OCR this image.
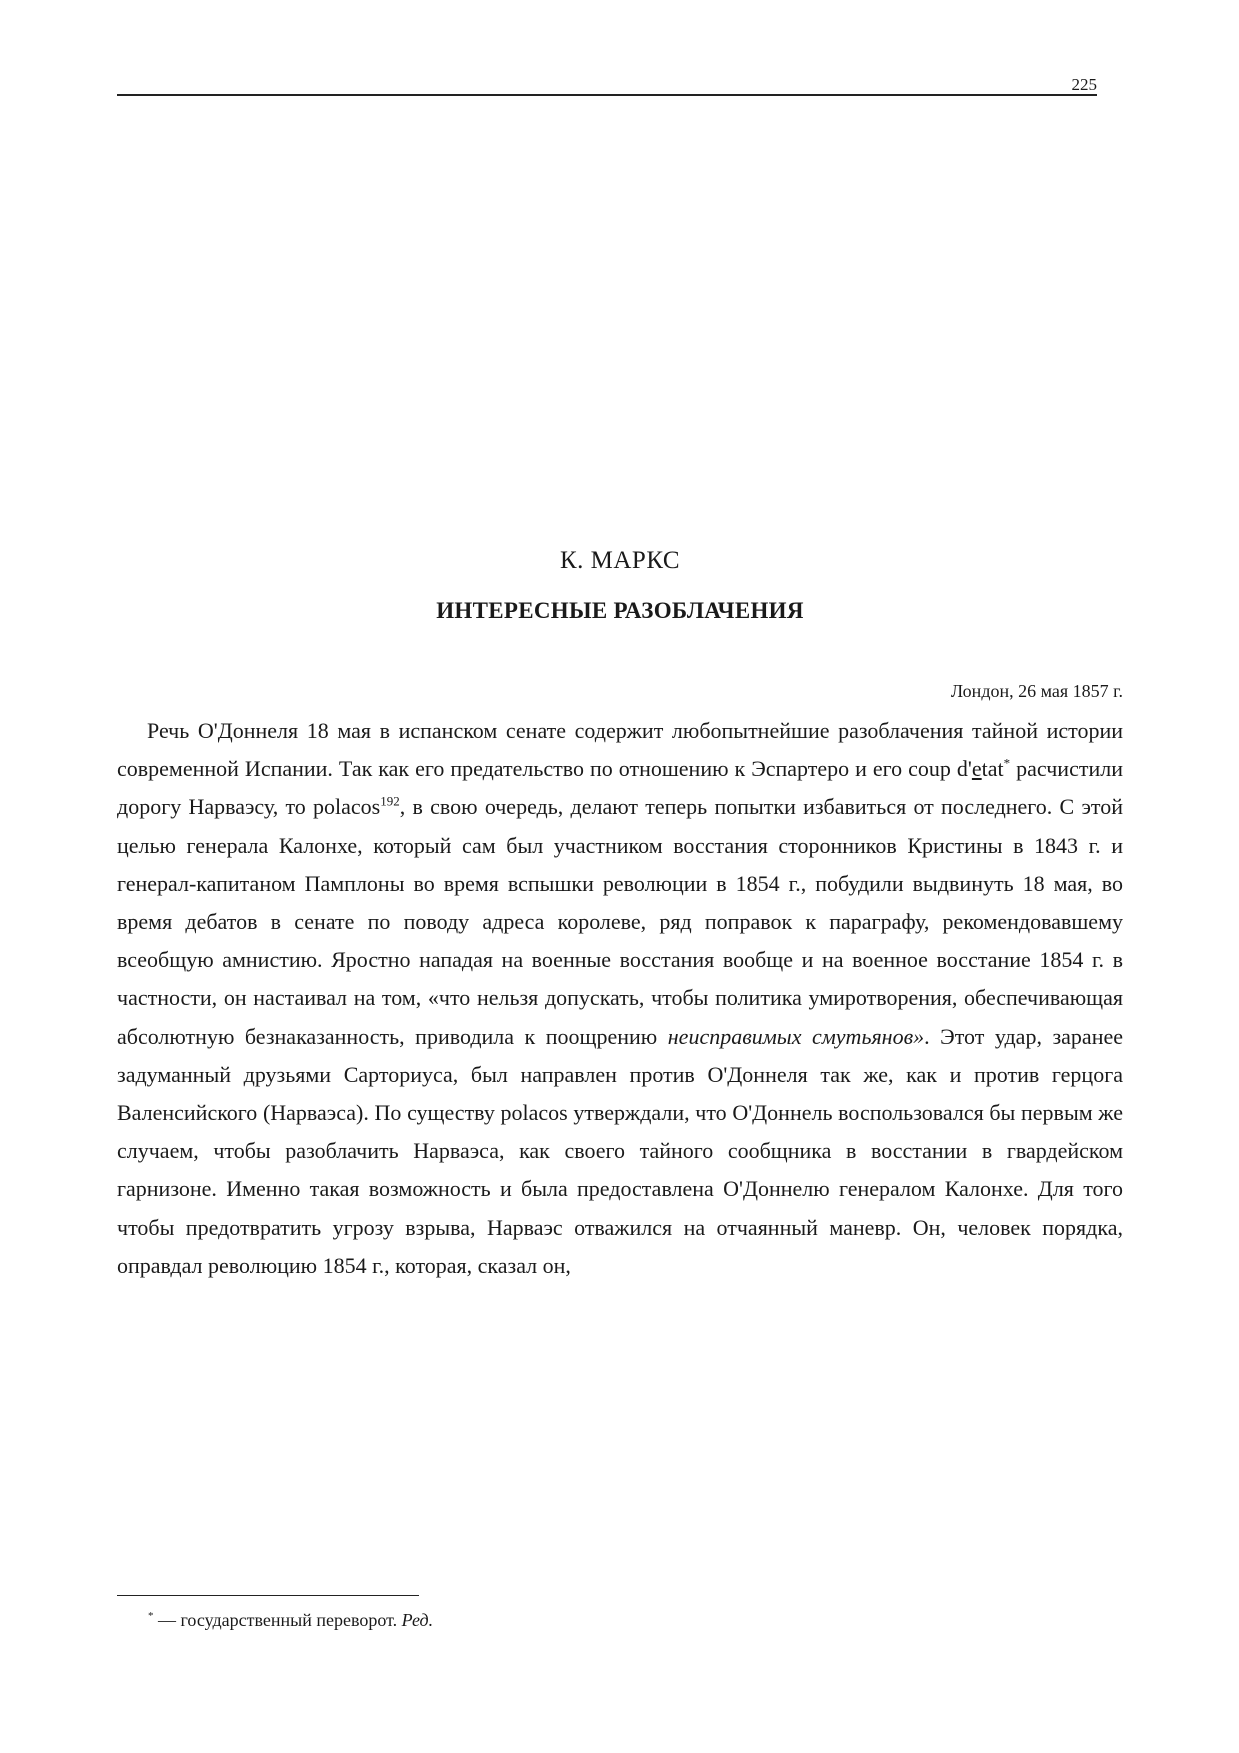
225
К. МАРКС
ИНТЕРЕСНЫЕ РАЗОБЛАЧЕНИЯ
Лондон, 26 мая 1857 г.

Речь О'Доннеля 18 мая в испанском сенате содержит любопытнейшие разоблачения тайной истории современной Испании. Так как его предательство по отношению к Эспартеро и его coup d'etat* расчистили дорогу Нарваэсу, то polacos$^{192}$, в свою очередь, делают теперь попытки избавиться от последнего. С этой целью генерала Калонхе, который сам был участником восстания сторонников Кристины в 1843 г. и генерал-капитаном Памплоны во время вспышки революции в 1854 г., побудили выдвинуть 18 мая, во время дебатов в сенате по поводу адреса королеве, ряд поправок к параграфу, рекомендовавшему всеобщую амнистию. Яростно нападая на военные восстания вообще и на военное восстание 1854 г. в частности, он настаивал на том, «что нельзя допускать, чтобы политика умиротворения, обеспечивающая абсолютную безнаказанность, приводила к поощрению неисправимых смутьянов». Этот удар, заранее задуманный друзьями Сарториуса, был направлен против О'Доннеля так же, как и против герцога Валенсийского (Нарваэса). По существу polacos утверждали, что О'Доннель воспользовался бы первым же случаем, чтобы разоблачить Нарваэса, как своего тайного сообщника в восстании в гвардейском гарнизоне. Именно такая возможность и была предоставлена О'Доннелю генералом Калонхе. Для того чтобы предотвратить угрозу взрыва, Нарваэс отважился на отчаянный маневр. Он, человек порядка, оправдал революцию 1854 г., которая, сказал он,

* — государственный переворот. Ред.
